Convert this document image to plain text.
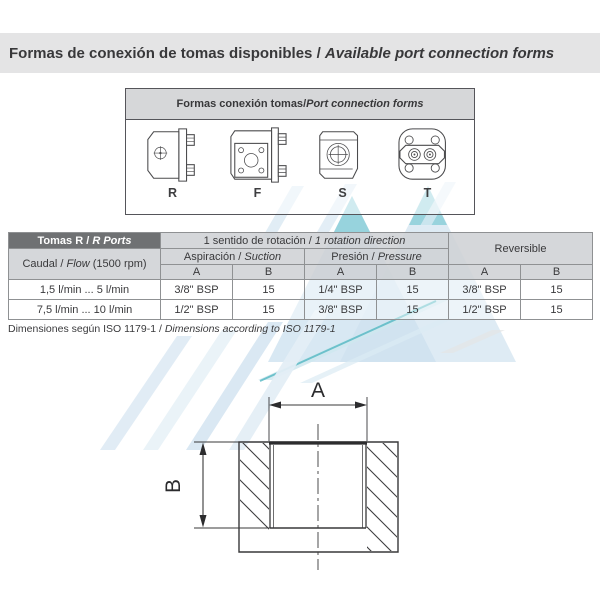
Formas de conexión de tomas disponibles / Available port connection forms
Formas conexión tomas / Port connection forms
R	F	S	T
Tomas R / R Ports	1 sentido de rotación / 1 rotation direction				Reversible	
Caudal / Flow (1500 rpm)	Aspiración / Suction		Presión / Pressure			
	A	B	A	B	A	B
1,5 l/min ... 5 l/min	3/8" BSP	15	1/4" BSP	15	3/8" BSP	15
7,5 l/min ... 10 l/min	1/2" BSP	15	3/8" BSP	15	1/2" BSP	15
Dimensiones según ISO 1179-1 / Dimensions according to ISO 1179-1
A
B
